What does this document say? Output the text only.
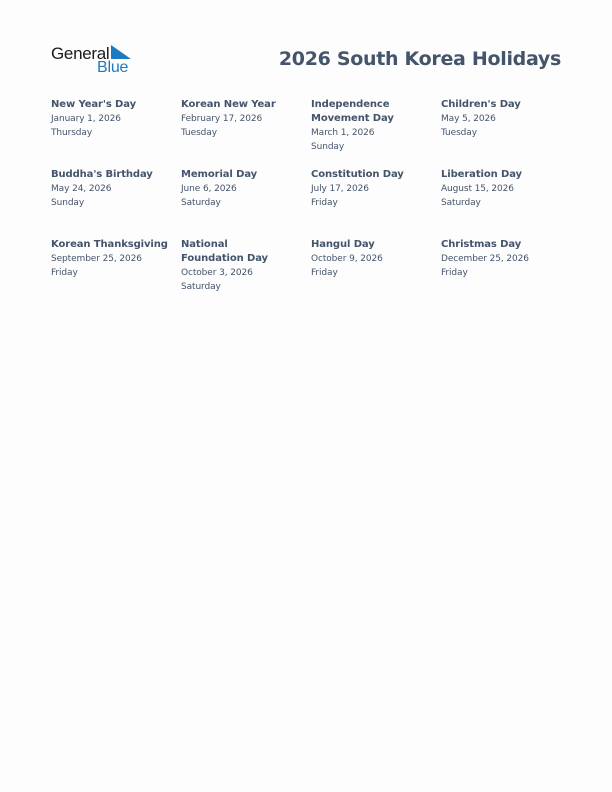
General
Blue	2026 South Korea Holidays
New Year's Day
January 1, 2026
Thursday
Korean New Year
February 17, 2026
Tuesday
Independence Movement Day
March 1, 2026
Sunday
Children's Day
May 5, 2026
Tuesday
Buddha's Birthday
May 24, 2026
Sunday
Memorial Day
June 6, 2026
Saturday
Constitution Day
July 17, 2026
Friday
Liberation Day
August 15, 2026
Saturday
Korean Thanksgiving
September 25, 2026
Friday
National Foundation Day
October 3, 2026
Saturday
Hangul Day
October 9, 2026
Friday
Christmas Day
December 25, 2026
Friday
